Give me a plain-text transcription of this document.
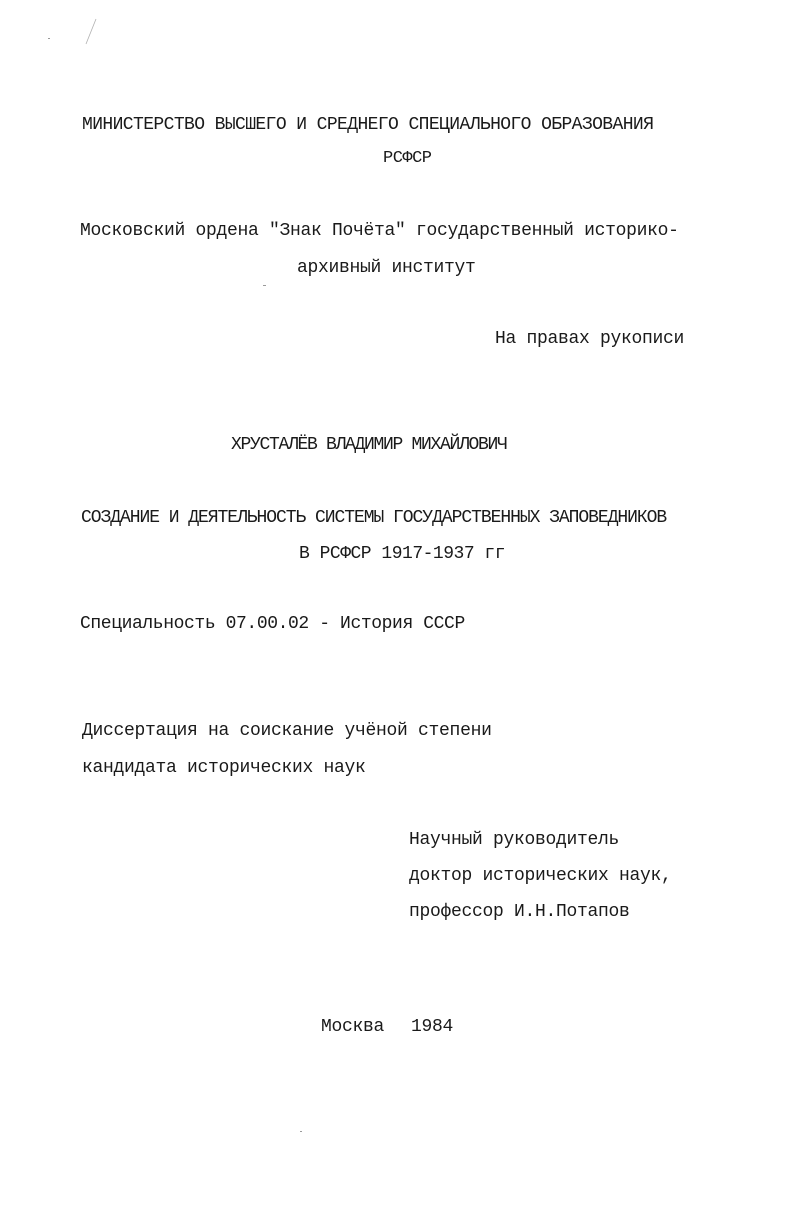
МИНИСТЕРСТВО ВЫСШЕГО И СРЕДНЕГО СПЕЦИАЛЬНОГО ОБРАЗОВАНИЯ
РСФСР
Московский ордена "Знак Почёта" государственный историко-
архивный институт
На правах рукописи
ХРУСТАЛЁВ ВЛАДИМИР МИХАЙЛОВИЧ
СОЗДАНИЕ И ДЕЯТЕЛЬНОСТЬ СИСТЕМЫ ГОСУДАРСТВЕННЫХ ЗАПОВЕДНИКОВ
В РСФСР 1917-1937 гг
Специальность 07.00.02 - История СССР
Диссертация на соискание учёной степени
кандидата исторических наук
Научный руководитель
доктор исторических наук,
профессор И.Н.Потапов
Москва 1984
